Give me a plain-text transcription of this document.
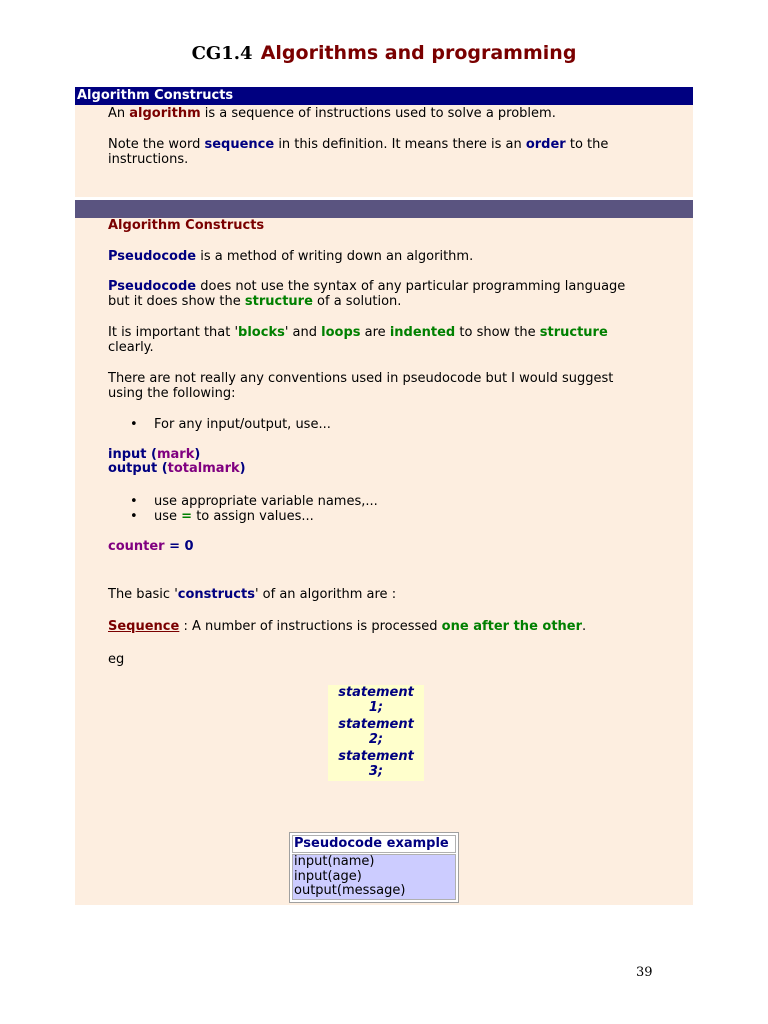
CG1.4 Algorithms and programming
Algorithm Constructs

An algorithm is a sequence of instructions used to solve a problem.

Note the word sequence in this definition. It means there is an order to the instructions.

Algorithm Constructs

Pseudocode is a method of writing down an algorithm.

Pseudocode does not use the syntax of any particular programming language but it does show the structure of a solution.

It is important that 'blocks' and loops are indented to show the structure clearly.

There are not really any conventions used in pseudocode but I would suggest using the following:

• For any input/output, use...

input (mark)

output (totalmark)

• use appropriate variable names,...
• use = to assign values...

counter = 0

The basic 'constructs' of an algorithm are :

Sequence : A number of instructions is processed one after the other.

eg

statement
1;
statement
2;
statement
3;
Pseudocode example
input(name)
input(age)
output(message)
39
